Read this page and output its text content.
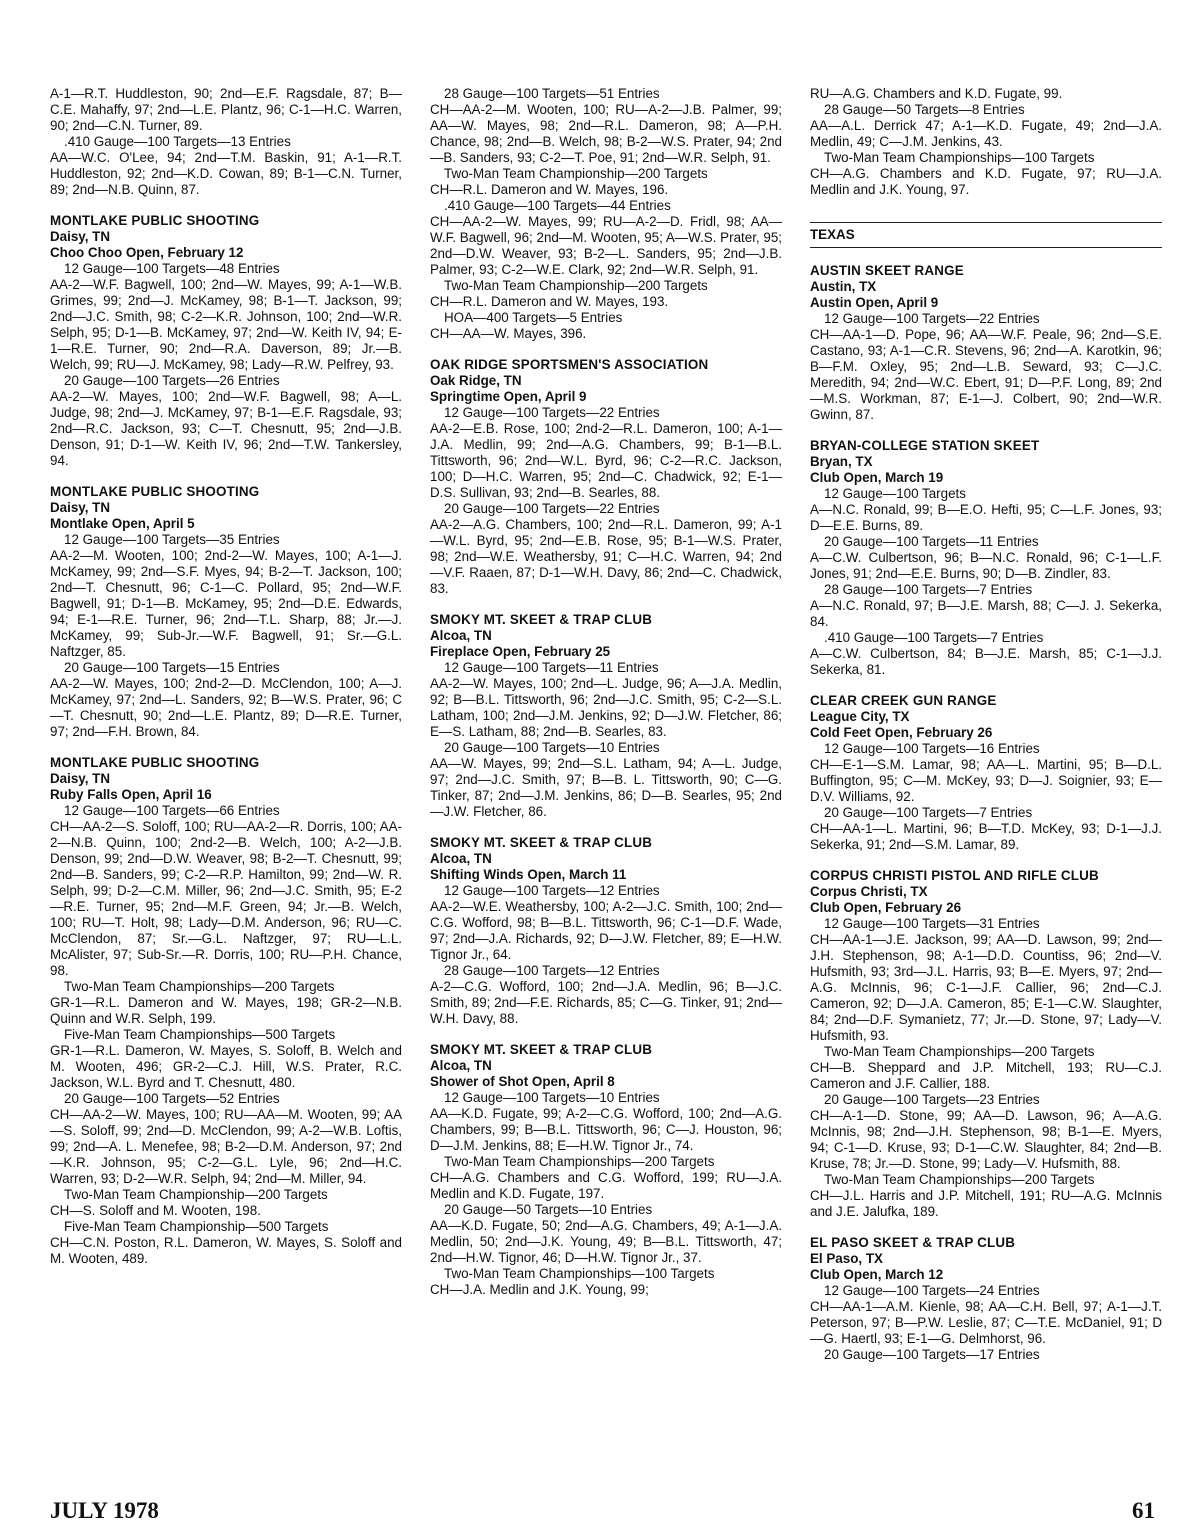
A-1—R.T. Huddleston, 90; 2nd—E.F. Ragsdale, 87; B—C.E. Mahaffy, 97; 2nd—L.E. Plantz, 96; C-1—H.C. Warren, 90; 2nd—C.N. Turner, 89.
.410 Gauge—100 Targets—13 Entries
AA—W.C. O'Lee, 94; 2nd—T.M. Baskin, 91; A-1—R.T. Huddleston, 92; 2nd—K.D. Cowan, 89; B-1—C.N. Turner, 89; 2nd—N.B. Quinn, 87.
MONTLAKE PUBLIC SHOOTING
Daisy, TN
Choo Choo Open, February 12
12 Gauge—100 Targets—48 Entries
AA-2—W.F. Bagwell, 100; 2nd—W. Mayes, 99; A-1—W.B. Grimes, 99; 2nd—J. McKamey, 98; B-1—T. Jackson, 99; 2nd—J.C. Smith, 98; C-2—K.R. Johnson, 100; 2nd—W.R. Selph, 95; D-1—B. McKamey, 97; 2nd—W. Keith IV, 94; E-1—R.E. Turner, 90; 2nd—R.A. Daverson, 89; Jr.—B. Welch, 99; RU—J. McKamey, 98; Lady—R.W. Pelfrey, 93.
20 Gauge—100 Targets—26 Entries
AA-2—W. Mayes, 100; 2nd—W.F. Bagwell, 98; A—L. Judge, 98; 2nd—J. McKamey, 97; B-1—E.F. Ragsdale, 93; 2nd—R.C. Jackson, 93; C—T. Chesnutt, 95; 2nd—J.B. Denson, 91; D-1—W. Keith IV, 96; 2nd—T.W. Tankersley, 94.
MONTLAKE PUBLIC SHOOTING
Daisy, TN
Montlake Open, April 5
12 Gauge—100 Targets—35 Entries
AA-2—M. Wooten, 100; 2nd-2—W. Mayes, 100; A-1—J. McKamey, 99; 2nd—S.F. Myes, 94; B-2—T. Jackson, 100; 2nd—T. Chesnutt, 96; C-1—C. Pollard, 95; 2nd—W.F. Bagwell, 91; D-1—B. McKamey, 95; 2nd—D.E. Edwards, 94; E-1—R.E. Turner, 96; 2nd—T.L. Sharp, 88; Jr.—J. McKamey, 99; Sub-Jr.—W.F. Bagwell, 91; Sr.—G.L. Naftzger, 85.
20 Gauge—100 Targets—15 Entries
AA-2—W. Mayes, 100; 2nd-2—D. McClendon, 100; A—J. McKamey, 97; 2nd—L. Sanders, 92; B—W.S. Prater, 96; C—T. Chesnutt, 90; 2nd—L.E. Plantz, 89; D—R.E. Turner, 97; 2nd—F.H. Brown, 84.
MONTLAKE PUBLIC SHOOTING
Daisy, TN
Ruby Falls Open, April 16
12 Gauge—100 Targets—66 Entries
CH—AA-2—S. Soloff, 100; RU—AA-2—R. Dorris, 100; AA-2—N.B. Quinn, 100; 2nd-2—B. Welch, 100; A-2—J.B. Denson, 99; 2nd—D.W. Weaver, 98; B-2—T. Chesnutt, 99; 2nd—B. Sanders, 99; C-2—R.P. Hamilton, 99; 2nd—W. R. Selph, 99; D-2—C.M. Miller, 96; 2nd—J.C. Smith, 95; E-2—R.E. Turner, 95; 2nd—M.F. Green, 94; Jr.—B. Welch, 100; RU—T. Holt, 98; Lady—D.M. Anderson, 96; RU—C. McClendon, 87; Sr.—G.L. Naftzger, 97; RU—L.L. McAlister, 97; Sub-Sr.—R. Dorris, 100; RU—P.H. Chance, 98.
Two-Man Team Championships—200 Targets
GR-1—R.L. Dameron and W. Mayes, 198; GR-2—N.B. Quinn and W.R. Selph, 199.
Five-Man Team Championships—500 Targets
GR-1—R.L. Dameron, W. Mayes, S. Soloff, B. Welch and M. Wooten, 496; GR-2—C.J. Hill, W.S. Prater, R.C. Jackson, W.L. Byrd and T. Chesnutt, 480.
20 Gauge—100 Targets—52 Entries
CH—AA-2—W. Mayes, 100; RU—AA—M. Wooten, 99; AA—S. Soloff, 99; 2nd—D. McClendon, 99; A-2—W.B. Loftis, 99; 2nd—A. L. Menefee, 98; B-2—D.M. Anderson, 97; 2nd—K.R. Johnson, 95; C-2—G.L. Lyle, 96; 2nd—H.C. Warren, 93; D-2—W.R. Selph, 94; 2nd—M. Miller, 94.
Two-Man Team Championship—200 Targets
CH—S. Soloff and M. Wooten, 198.
Five-Man Team Championship—500 Targets
CH—C.N. Poston, R.L. Dameron, W. Mayes, S. Soloff and M. Wooten, 489.
28 Gauge—100 Targets—51 Entries
CH—AA-2—M. Wooten, 100; RU—A-2—J.B. Palmer, 99; AA—W. Mayes, 98; 2nd—R.L. Dameron, 98; A—P.H. Chance, 98; 2nd—B. Welch, 98; B-2—W.S. Prater, 94; 2nd—B. Sanders, 93; C-2—T. Poe, 91; 2nd—W.R. Selph, 91.
Two-Man Team Championship—200 Targets
CH—R.L. Dameron and W. Mayes, 196.
.410 Gauge—100 Targets—44 Entries
CH—AA-2—W. Mayes, 99; RU—A-2—D. Fridl, 98; AA—W.F. Bagwell, 96; 2nd—M. Wooten, 95; A—W.S. Prater, 95; 2nd—D.W. Weaver, 93; B-2—L. Sanders, 95; 2nd—J.B. Palmer, 93; C-2—W.E. Clark, 92; 2nd—W.R. Selph, 91.
Two-Man Team Championship—200 Targets
CH—R.L. Dameron and W. Mayes, 193.
HOA—400 Targets—5 Entries
CH—AA—W. Mayes, 396.
OAK RIDGE SPORTSMEN'S ASSOCIATION
Oak Ridge, TN
Springtime Open, April 9
12 Gauge—100 Targets—22 Entries
AA-2—E.B. Rose, 100; 2nd-2—R.L. Dameron, 100; A-1—J.A. Medlin, 99; 2nd—A.G. Chambers, 99; B-1—B.L. Tittsworth, 96; 2nd—W.L. Byrd, 96; C-2—R.C. Jackson, 100; D—H.C. Warren, 95; 2nd—C. Chadwick, 92; E-1—D.S. Sullivan, 93; 2nd—B. Searles, 88.
20 Gauge—100 Targets—22 Entries
AA-2—A.G. Chambers, 100; 2nd—R.L. Dameron, 99; A-1—W.L. Byrd, 95; 2nd—E.B. Rose, 95; B-1—W.S. Prater, 98; 2nd—W.E. Weathersby, 91; C—H.C. Warren, 94; 2nd—V.F. Raaen, 87; D-1—W.H. Davy, 86; 2nd—C. Chadwick, 83.
SMOKY MT. SKEET & TRAP CLUB
Alcoa, TN
Fireplace Open, February 25
12 Gauge—100 Targets—11 Entries
AA-2—W. Mayes, 100; 2nd—L. Judge, 96; A—J.A. Medlin, 92; B—B.L. Tittsworth, 96; 2nd—J.C. Smith, 95; C-2—S.L. Latham, 100; 2nd—J.M. Jenkins, 92; D—J.W. Fletcher, 86; E—S. Latham, 88; 2nd—B. Searles, 83.
20 Gauge—100 Targets—10 Entries
AA—W. Mayes, 99; 2nd—S.L. Latham, 94; A—L. Judge, 97; 2nd—J.C. Smith, 97; B—B. L. Tittsworth, 90; C—G. Tinker, 87; 2nd—J.M. Jenkins, 86; D—B. Searles, 95; 2nd—J.W. Fletcher, 86.
SMOKY MT. SKEET & TRAP CLUB
Alcoa, TN
Shifting Winds Open, March 11
12 Gauge—100 Targets—12 Entries
AA-2—W.E. Weathersby, 100; A-2—J.C. Smith, 100; 2nd—C.G. Wofford, 98; B—B.L. Tittsworth, 96; C-1—D.F. Wade, 97; 2nd—J.A. Richards, 92; D—J.W. Fletcher, 89; E—H.W. Tignor Jr., 64.
28 Gauge—100 Targets—12 Entries
A-2—C.G. Wofford, 100; 2nd—J.A. Medlin, 96; B—J.C. Smith, 89; 2nd—F.E. Richards, 85; C—G. Tinker, 91; 2nd—W.H. Davy, 88.
SMOKY MT. SKEET & TRAP CLUB
Alcoa, TN
Shower of Shot Open, April 8
12 Gauge—100 Targets—10 Entries
AA—K.D. Fugate, 99; A-2—C.G. Wofford, 100; 2nd—A.G. Chambers, 99; B—B.L. Tittsworth, 96; C—J. Houston, 96; D—J.M. Jenkins, 88; E—H.W. Tignor Jr., 74.
Two-Man Team Championships—200 Targets
CH—A.G. Chambers and C.G. Wofford, 199; RU—J.A. Medlin and K.D. Fugate, 197.
20 Gauge—50 Targets—10 Entries
AA—K.D. Fugate, 50; 2nd—A.G. Chambers, 49; A-1—J.A. Medlin, 50; 2nd—J.K. Young, 49; B—B.L. Tittsworth, 47; 2nd—H.W. Tignor, 46; D—H.W. Tignor Jr., 37.
Two-Man Team Championships—100 Targets
CH—J.A. Medlin and J.K. Young, 99;
RU—A.G. Chambers and K.D. Fugate, 99.
28 Gauge—50 Targets—8 Entries
AA—A.L. Derrick 47; A-1—K.D. Fugate, 49; 2nd—J.A. Medlin, 49; C—J.M. Jenkins, 43.
Two-Man Team Championships—100 Targets
CH—A.G. Chambers and K.D. Fugate, 97; RU—J.A. Medlin and J.K. Young, 97.
TEXAS
AUSTIN SKEET RANGE
Austin, TX
Austin Open, April 9
12 Gauge—100 Targets—22 Entries
CH—AA-1—D. Pope, 96; AA—W.F. Peale, 96; 2nd—S.E. Castano, 93; A-1—C.R. Stevens, 96; 2nd—A. Karotkin, 96; B—F.M. Oxley, 95; 2nd—L.B. Seward, 93; C—J.C. Meredith, 94; 2nd—W.C. Ebert, 91; D—P.F. Long, 89; 2nd—M.S. Workman, 87; E-1—J. Colbert, 90; 2nd—W.R. Gwinn, 87.
BRYAN-COLLEGE STATION SKEET
Bryan, TX
Club Open, March 19
12 Gauge—100 Targets
A—N.C. Ronald, 99; B—E.O. Hefti, 95; C—L.F. Jones, 93; D—E.E. Burns, 89.
20 Gauge—100 Targets—11 Entries
A—C.W. Culbertson, 96; B—N.C. Ronald, 96; C-1—L.F. Jones, 91; 2nd—E.E. Burns, 90; D—B. Zindler, 83.
28 Gauge—100 Targets—7 Entries
A—N.C. Ronald, 97; B—J.E. Marsh, 88; C—J. J. Sekerka, 84.
.410 Gauge—100 Targets—7 Entries
A—C.W. Culbertson, 84; B—J.E. Marsh, 85; C-1—J.J. Sekerka, 81.
CLEAR CREEK GUN RANGE
League City, TX
Cold Feet Open, February 26
12 Gauge—100 Targets—16 Entries
CH—E-1—S.M. Lamar, 98; AA—L. Martini, 95; B—D.L. Buffington, 95; C—M. McKey, 93; D—J. Soignier, 93; E—D.V. Williams, 92.
20 Gauge—100 Targets—7 Entries
CH—AA-1—L. Martini, 96; B—T.D. McKey, 93; D-1—J.J. Sekerka, 91; 2nd—S.M. Lamar, 89.
CORPUS CHRISTI PISTOL AND RIFLE CLUB
Corpus Christi, TX
Club Open, February 26
12 Gauge—100 Targets—31 Entries
CH—AA-1—J.E. Jackson, 99; AA—D. Lawson, 99; 2nd—J.H. Stephenson, 98; A-1—D.D. Countiss, 96; 2nd—V. Hufsmith, 93; 3rd—J.L. Harris, 93; B—E. Myers, 97; 2nd—A.G. McInnis, 96; C-1—J.F. Callier, 96; 2nd—C.J. Cameron, 92; D—J.A. Cameron, 85; E-1—C.W. Slaughter, 84; 2nd—D.F. Symanietz, 77; Jr.—D. Stone, 97; Lady—V. Hufsmith, 93.
Two-Man Team Championships—200 Targets
CH—B. Sheppard and J.P. Mitchell, 193; RU—C.J. Cameron and J.F. Callier, 188.
20 Gauge—100 Targets—23 Entries
CH—A-1—D. Stone, 99; AA—D. Lawson, 96; A—A.G. McInnis, 98; 2nd—J.H. Stephenson, 98; B-1—E. Myers, 94; C-1—D. Kruse, 93; D-1—C.W. Slaughter, 84; 2nd—B. Kruse, 78; Jr.—D. Stone, 99; Lady—V. Hufsmith, 88.
Two-Man Team Championships—200 Targets
CH—J.L. Harris and J.P. Mitchell, 191; RU—A.G. McInnis and J.E. Jalufka, 189.
EL PASO SKEET & TRAP CLUB
El Paso, TX
Club Open, March 12
12 Gauge—100 Targets—24 Entries
CH—AA-1—A.M. Kienle, 98; AA—C.H. Bell, 97; A-1—J.T. Peterson, 97; B—P.W. Leslie, 87; C—T.E. McDaniel, 91; D—G. Haertl, 93; E-1—G. Delmhorst, 96.
20 Gauge—100 Targets—17 Entries
JULY 1978	61
